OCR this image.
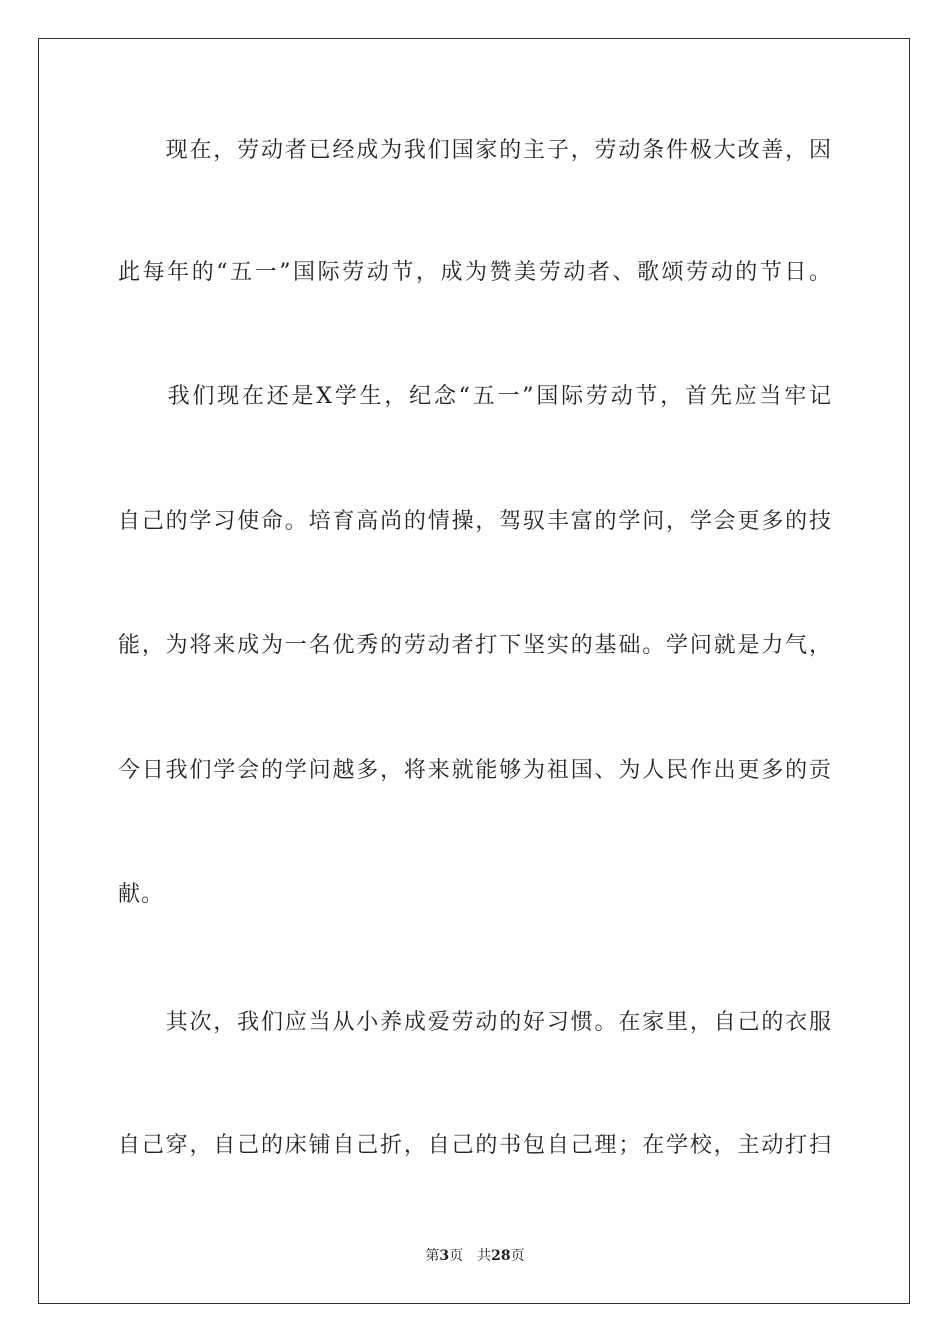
　　现在，劳动者已经成为我们国家的主子，劳动条件极大改善，因
此每年的“五一”国际劳动节，成为赞美劳动者、歌颂劳动的节日。
　　我们现在还是X学生，纪念“五一”国际劳动节，首先应当牢记
自己的学习使命。培育高尚的情操，驾驭丰富的学问，学会更多的技
能，为将来成为一名优秀的劳动者打下坚实的基础。学问就是力气，
今日我们学会的学问越多，将来就能够为祖国、为人民作出更多的贡
献。
　　其次，我们应当从小养成爱劳动的好习惯。在家里，自己的衣服
自己穿，自己的床铺自己折，自己的书包自己理；在学校，主动打扫
第3页 共28页
